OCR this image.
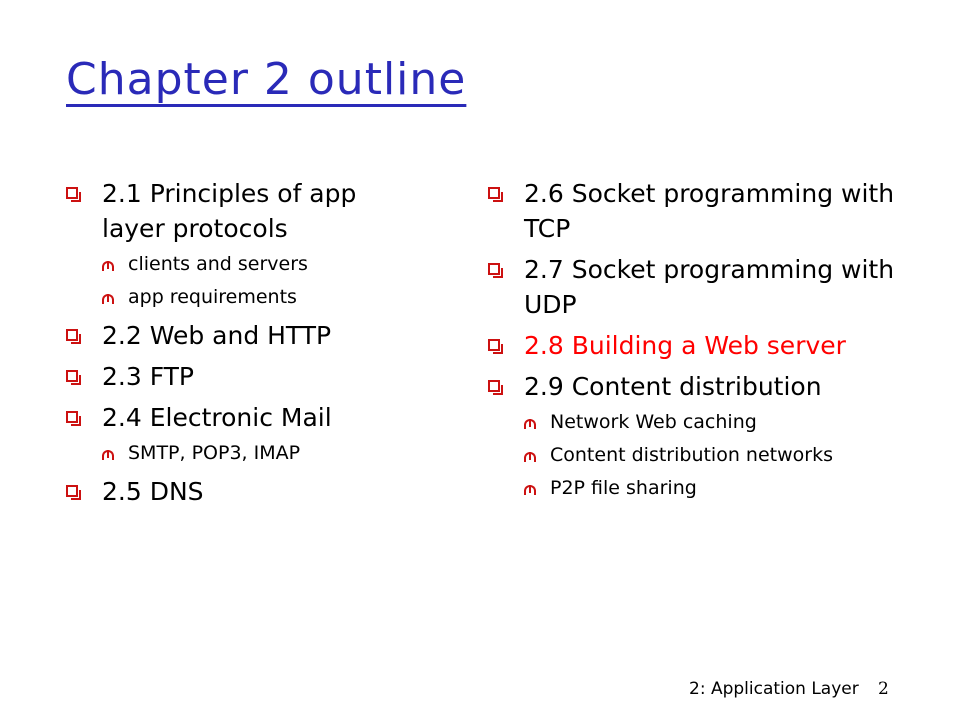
Chapter 2 outline
2.1 Principles of app layer protocols
clients and servers
app requirements
2.2 Web and HTTP
2.3 FTP
2.4 Electronic Mail
SMTP, POP3, IMAP
2.5 DNS
2.6 Socket programming with TCP
2.7 Socket programming with UDP
2.8 Building a Web server
2.9 Content distribution
Network Web caching
Content distribution networks
P2P file sharing
2: Application Layer 2
